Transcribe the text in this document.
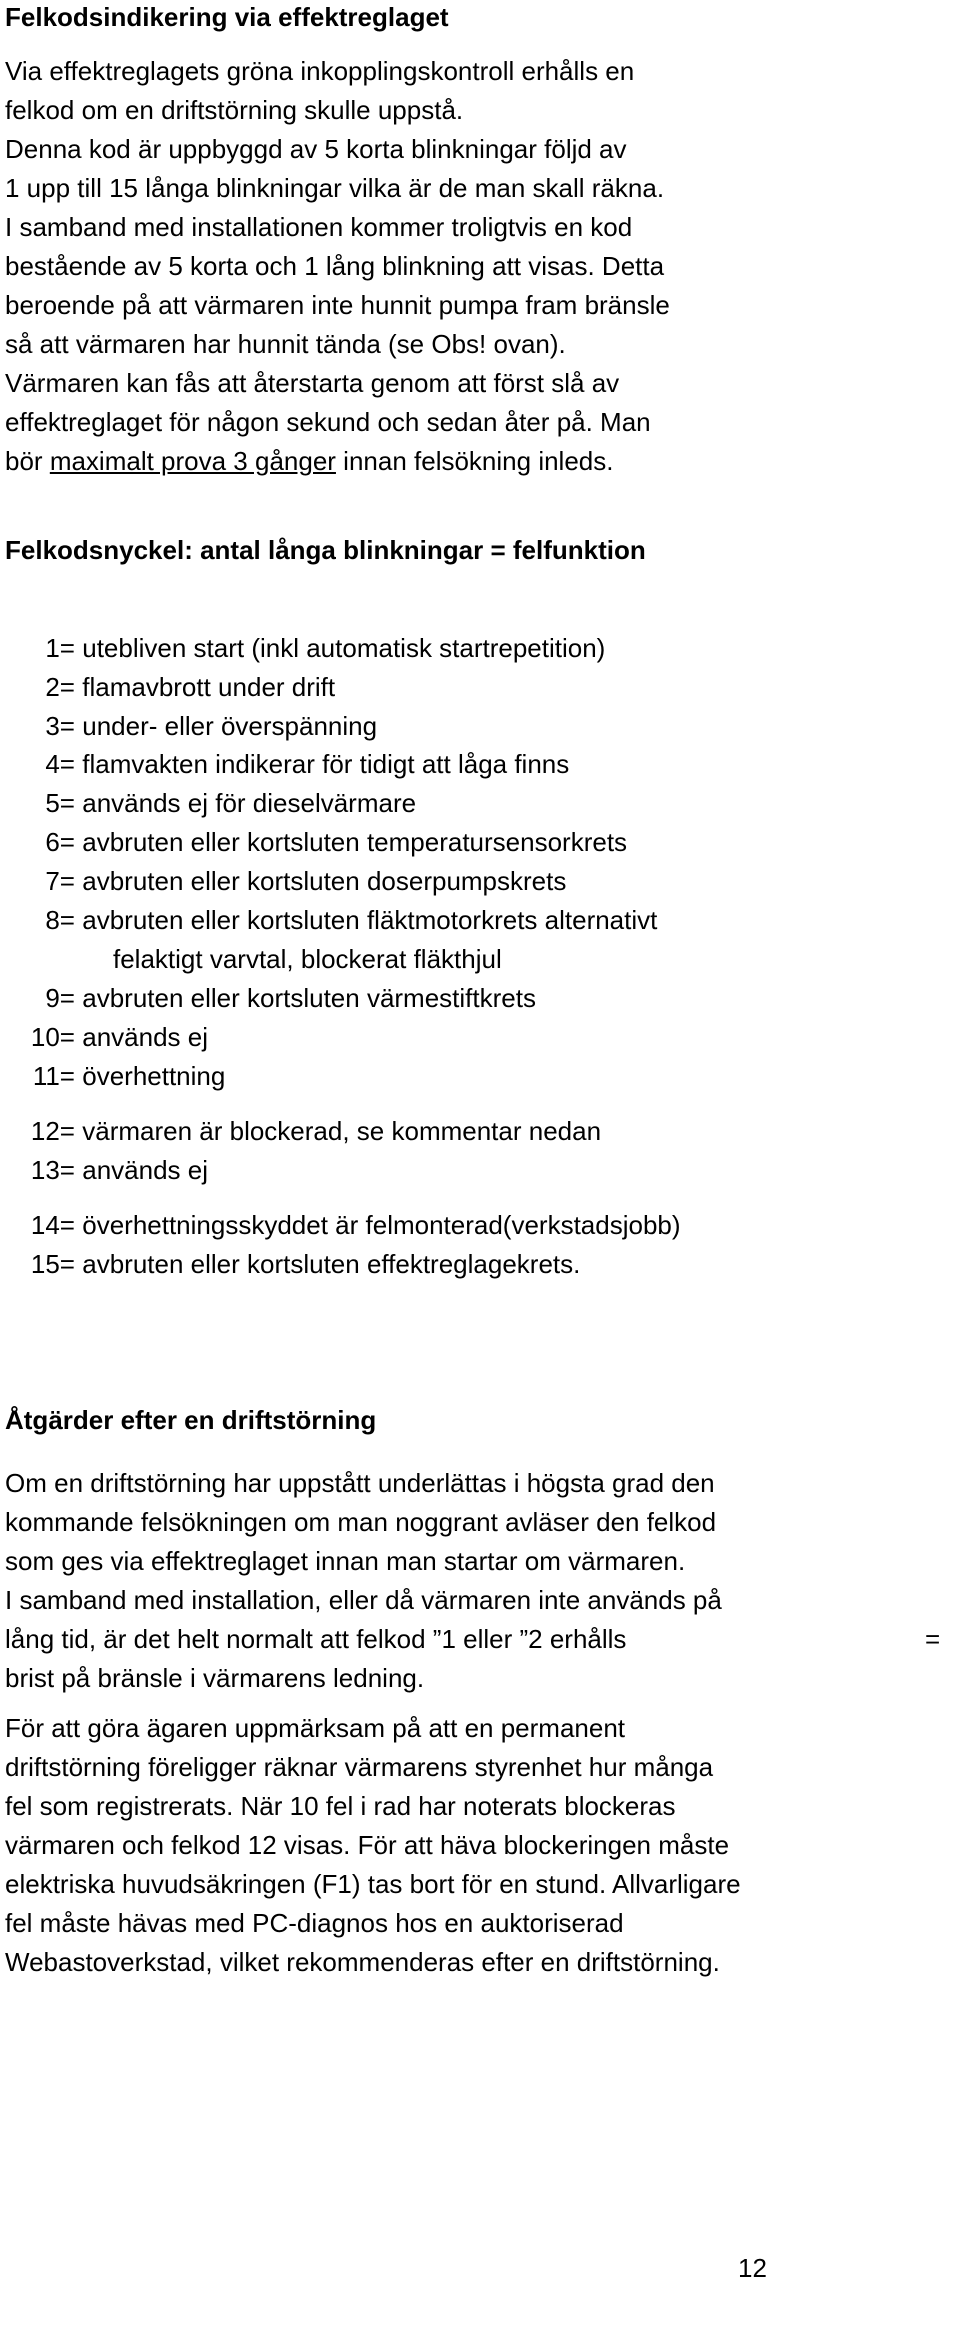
Felkodsindikering via effektreglaget

Via effektreglagets gröna inkopplingskontroll erhålls en
felkod om en driftstörning skulle uppstå.
Denna kod är uppbyggd av 5 korta blinkningar följd av
1 upp till 15 långa blinkningar vilka är de man skall räkna.
I samband med installationen kommer troligtvis en kod
bestående av 5 korta och 1 lång blinkning att visas. Detta
beroende på att värmaren inte hunnit pumpa fram bränsle
så att värmaren har hunnit tända (se Obs! ovan).
Värmaren kan fås att återstarta genom att först slå av
effektreglaget för någon sekund och sedan åter på. Man
bör maximalt prova 3 gånger innan felsökning inleds.

Felkodsnyckel: antal långa blinkningar = felfunktion
1= utebliven start (inkl automatisk startrepetition)
2= flamavbrott under drift
3= under- eller överspänning
4= flamvakten indikerar för tidigt att låga finns
5= används ej för dieselvärmare
6= avbruten eller kortsluten temperatursensorkrets
7= avbruten eller kortsluten doserpumpskrets
8= avbruten eller kortsluten fläktmotorkrets alternativt
felaktigt varvtal, blockerat fläkthjul
9= avbruten eller kortsluten värmestiftkrets
10= används ej
11= överhettning
12= värmaren är blockerad, se kommentar nedan
13= används ej
14= överhettningsskyddet är felmonterad(verkstadsjobb)
15= avbruten eller kortsluten effektreglagekrets.
Åtgärder efter en driftstörning

Om en driftstörning har uppstått underlättas i högsta grad den
kommande felsökningen om man noggrant avläser den felkod
som ges via effektreglaget innan man startar om värmaren.
I samband med installation, eller då värmaren inte används på
lång tid, är det helt normalt att felkod ”1 eller ”2 erhålls
brist på bränsle i värmarens ledning.

=

För att göra ägaren uppmärksam på att en permanent
driftstörning föreligger räknar värmarens styrenhet hur många
fel som registrerats. När 10 fel i rad har noterats blockeras
värmaren och felkod 12 visas. För att häva blockeringen måste
elektriska huvudsäkringen (F1) tas bort för en stund. Allvarligare
fel måste hävas med PC-diagnos hos en auktoriserad
Webastoverkstad, vilket rekommenderas efter en driftstörning.

12
